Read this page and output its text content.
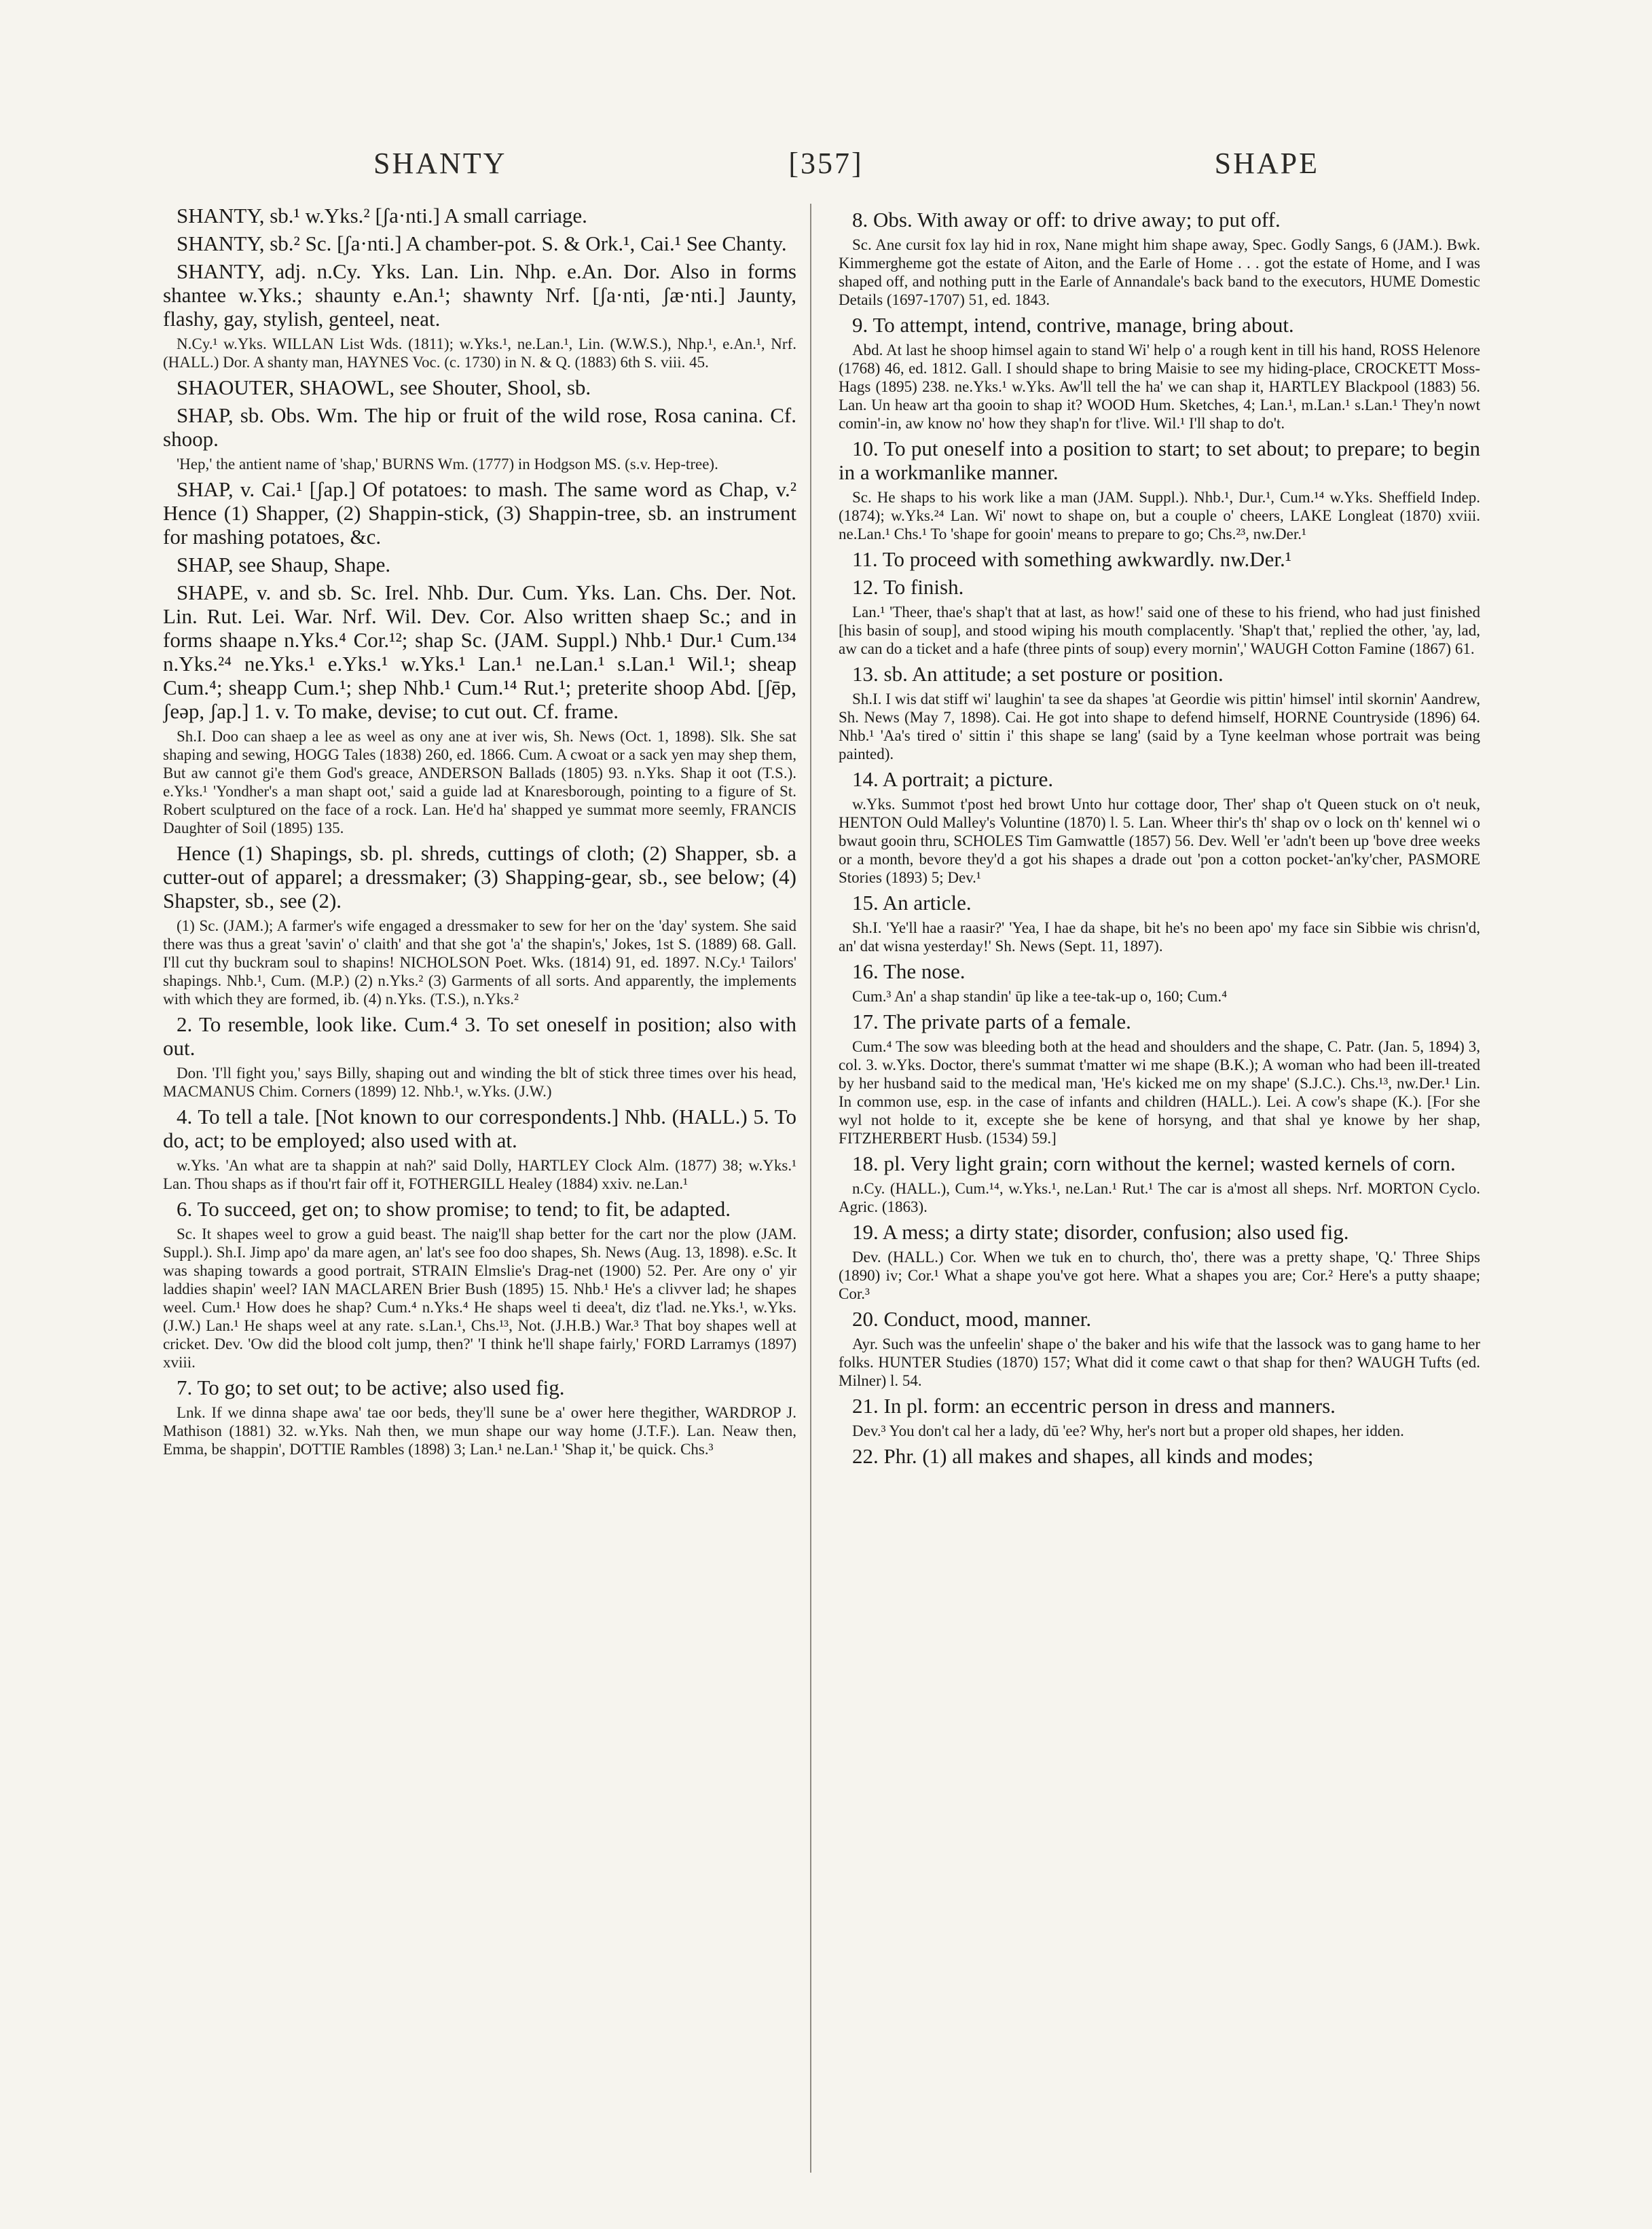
SHANTY	[357]	SHAPE

SHANTY, sb.¹ w.Yks.² [ʃa·nti.] A small carriage.

SHANTY, sb.² Sc. [ʃa·nti.] A chamber-pot. S. & Ork.¹, Cai.¹ See Chanty.

SHANTY, adj. n.Cy. Yks. Lan. Lin. Nhp. e.An. Dor. Also in forms shantee w.Yks.; shaunty e.An.¹; shawnty Nrf. [ʃa·nti, ʃæ·nti.] Jaunty, flashy, gay, stylish, genteel, neat.

N.Cy.¹ w.Yks. WILLAN List Wds. (1811); w.Yks.¹, ne.Lan.¹, Lin. (W.W.S.), Nhp.¹, e.An.¹, Nrf. (HALL.) Dor. A shanty man, HAYNES Voc. (c. 1730) in N. & Q. (1883) 6th S. viii. 45.

SHAOUTER, SHAOWL, see Shouter, Shool, sb.

SHAP, sb. Obs. Wm. The hip or fruit of the wild rose, Rosa canina. Cf. shoop.

'Hep,' the antient name of 'shap,' BURNS Wm. (1777) in Hodgson MS. (s.v. Hep-tree).

SHAP, v. Cai.¹ [ʃap.] Of potatoes: to mash. The same word as Chap, v.² Hence (1) Shapper, (2) Shappin-stick, (3) Shappin-tree, sb. an instrument for mashing potatoes, &c.

SHAP, see Shaup, Shape.

SHAPE, v. and sb. Sc. Irel. Nhb. Dur. Cum. Yks. Lan. Chs. Der. Not. Lin. Rut. Lei. War. Nrf. Wil. Dev. Cor. Also written shaep Sc.; and in forms shaape n.Yks.⁴ Cor.¹²; shap Sc. (JAM. Suppl.) Nhb.¹ Dur.¹ Cum.¹³⁴ n.Yks.²⁴ ne.Yks.¹ e.Yks.¹ w.Yks.¹ Lan.¹ ne.Lan.¹ s.Lan.¹ Wil.¹; sheap Cum.⁴; sheapp Cum.¹; shep Nhb.¹ Cum.¹⁴ Rut.¹; preterite shoop Abd. [ʃēp, ʃeəp, ʃap.] 1. v. To make, devise; to cut out. Cf. frame.

Sh.I. Doo can shaep a lee as weel as ony ane at iver wis, Sh. News (Oct. 1, 1898). Slk. She sat shaping and sewing, HOGG Tales (1838) 260, ed. 1866. Cum. A cwoat or a sack yen may shep them, But aw cannot gi'e them God's greace, ANDERSON Ballads (1805) 93. n.Yks. Shap it oot (T.S.). e.Yks.¹ 'Yondher's a man shapt oot,' said a guide lad at Knaresborough, pointing to a figure of St. Robert sculptured on the face of a rock. Lan. He'd ha' shapped ye summat more seemly, FRANCIS Daughter of Soil (1895) 135.

Hence (1) Shapings, sb. pl. shreds, cuttings of cloth; (2) Shapper, sb. a cutter-out of apparel; a dressmaker; (3) Shapping-gear, sb., see below; (4) Shapster, sb., see (2).

(1) Sc. (JAM.); A farmer's wife engaged a dressmaker to sew for her on the 'day' system. She said there was thus a great 'savin' o' claith' and that she got 'a' the shapin's,' Jokes, 1st S. (1889) 68. Gall. I'll cut thy buckram soul to shapins! NICHOLSON Poet. Wks. (1814) 91, ed. 1897. N.Cy.¹ Tailors' shapings. Nhb.¹, Cum. (M.P.) (2) n.Yks.² (3) Garments of all sorts. And apparently, the implements with which they are formed, ib. (4) n.Yks. (T.S.), n.Yks.²

2. To resemble, look like. Cum.⁴ 3. To set oneself in position; also with out.

Don. 'I'll fight you,' says Billy, shaping out and winding the blt of stick three times over his head, MACMANUS Chim. Corners (1899) 12. Nhb.¹, w.Yks. (J.W.)

4. To tell a tale. [Not known to our correspondents.] Nhb. (HALL.) 5. To do, act; to be employed; also used with at.

w.Yks. 'An what are ta shappin at nah?' said Dolly, HARTLEY Clock Alm. (1877) 38; w.Yks.¹ Lan. Thou shaps as if thou'rt fair off it, FOTHERGILL Healey (1884) xxiv. ne.Lan.¹

6. To succeed, get on; to show promise; to tend; to fit, be adapted.

Sc. It shapes weel to grow a guid beast. The naig'll shap better for the cart nor the plow (JAM. Suppl.). Sh.I. Jimp apo' da mare agen, an' lat's see foo doo shapes, Sh. News (Aug. 13, 1898). e.Sc. It was shaping towards a good portrait, STRAIN Elmslie's Drag-net (1900) 52. Per. Are ony o' yir laddies shapin' weel? IAN MACLAREN Brier Bush (1895) 15. Nhb.¹ He's a clivver lad; he shapes weel. Cum.¹ How does he shap? Cum.⁴ n.Yks.⁴ He shaps weel ti deea't, diz t'lad. ne.Yks.¹, w.Yks. (J.W.) Lan.¹ He shaps weel at any rate. s.Lan.¹, Chs.¹³, Not. (J.H.B.) War.³ That boy shapes well at cricket. Dev. 'Ow did the blood colt jump, then?' 'I think he'll shape fairly,' FORD Larramys (1897) xviii.

7. To go; to set out; to be active; also used fig.

Lnk. If we dinna shape awa' tae oor beds, they'll sune be a' ower here thegither, WARDROP J. Mathison (1881) 32. w.Yks. Nah then, we mun shape our way home (J.T.F.). Lan. Neaw then, Emma, be shappin', DOTTIE Rambles (1898) 3; Lan.¹ ne.Lan.¹ 'Shap it,' be quick. Chs.³

8. Obs. With away or off: to drive away; to put off.

Sc. Ane cursit fox lay hid in rox, Nane might him shape away, Spec. Godly Sangs, 6 (JAM.). Bwk. Kimmergheme got the estate of Aiton, and the Earle of Home . . . got the estate of Home, and I was shaped off, and nothing putt in the Earle of Annandale's back band to the executors, HUME Domestic Details (1697-1707) 51, ed. 1843.

9. To attempt, intend, contrive, manage, bring about.

Abd. At last he shoop himsel again to stand Wi' help o' a rough kent in till his hand, ROSS Helenore (1768) 46, ed. 1812. Gall. I should shape to bring Maisie to see my hiding-place, CROCKETT Moss-Hags (1895) 238. ne.Yks.¹ w.Yks. Aw'll tell the ha' we can shap it, HARTLEY Blackpool (1883) 56. Lan. Un heaw art tha gooin to shap it? WOOD Hum. Sketches, 4; Lan.¹, m.Lan.¹ s.Lan.¹ They'n nowt comin'-in, aw know no' how they shap'n for t'live. Wil.¹ I'll shap to do't.

10. To put oneself into a position to start; to set about; to prepare; to begin in a workmanlike manner.

Sc. He shaps to his work like a man (JAM. Suppl.). Nhb.¹, Dur.¹, Cum.¹⁴ w.Yks. Sheffield Indep. (1874); w.Yks.²⁴ Lan. Wi' nowt to shape on, but a couple o' cheers, LAKE Longleat (1870) xviii. ne.Lan.¹ Chs.¹ To 'shape for gooin' means to prepare to go; Chs.²³, nw.Der.¹

11. To proceed with something awkwardly. nw.Der.¹

12. To finish.

Lan.¹ 'Theer, thae's shap't that at last, as how!' said one of these to his friend, who had just finished [his basin of soup], and stood wiping his mouth complacently. 'Shap't that,' replied the other, 'ay, lad, aw can do a ticket and a hafe (three pints of soup) every mornin',' WAUGH Cotton Famine (1867) 61.

13. sb. An attitude; a set posture or position.

Sh.I. I wis dat stiff wi' laughin' ta see da shapes 'at Geordie wis pittin' himsel' intil skornin' Aandrew, Sh. News (May 7, 1898). Cai. He got into shape to defend himself, HORNE Countryside (1896) 64. Nhb.¹ 'Aa's tired o' sittin i' this shape se lang' (said by a Tyne keelman whose portrait was being painted).

14. A portrait; a picture.

w.Yks. Summot t'post hed browt Unto hur cottage door, Ther' shap o't Queen stuck on o't neuk, HENTON Ould Malley's Voluntine (1870) l. 5. Lan. Wheer thir's th' shap ov o lock on th' kennel wi o bwaut gooin thru, SCHOLES Tim Gamwattle (1857) 56. Dev. Well 'er 'adn't been up 'bove dree weeks or a month, bevore they'd a got his shapes a drade out 'pon a cotton pocket-'an'ky'cher, PASMORE Stories (1893) 5; Dev.¹

15. An article.

Sh.I. 'Ye'll hae a raasir?' 'Yea, I hae da shape, bit he's no been apo' my face sin Sibbie wis chrisn'd, an' dat wisna yesterday!' Sh. News (Sept. 11, 1897).

16. The nose.

Cum.³ An' a shap standin' ūp like a tee-tak-up o, 160; Cum.⁴

17. The private parts of a female.

Cum.⁴ The sow was bleeding both at the head and shoulders and the shape, C. Patr. (Jan. 5, 1894) 3, col. 3. w.Yks. Doctor, there's summat t'matter wi me shape (B.K.); A woman who had been ill-treated by her husband said to the medical man, 'He's kicked me on my shape' (S.J.C.). Chs.¹³, nw.Der.¹ Lin. In common use, esp. in the case of infants and children (HALL.). Lei. A cow's shape (K.). [For she wyl not holde to it, excepte she be kene of horsyng, and that shal ye knowe by her shap, FITZHERBERT Husb. (1534) 59.]

18. pl. Very light grain; corn without the kernel; wasted kernels of corn.

n.Cy. (HALL.), Cum.¹⁴, w.Yks.¹, ne.Lan.¹ Rut.¹ The car is a'most all sheps. Nrf. MORTON Cyclo. Agric. (1863).

19. A mess; a dirty state; disorder, confusion; also used fig.

Dev. (HALL.) Cor. When we tuk en to church, tho', there was a pretty shape, 'Q.' Three Ships (1890) iv; Cor.¹ What a shape you've got here. What a shapes you are; Cor.² Here's a putty shaape; Cor.³

20. Conduct, mood, manner.

Ayr. Such was the unfeelin' shape o' the baker and his wife that the lassock was to gang hame to her folks. HUNTER Studies (1870) 157; What did it come cawt o that shap for then? WAUGH Tufts (ed. Milner) l. 54.

21. In pl. form: an eccentric person in dress and manners.

Dev.³ You don't cal her a lady, dū 'ee? Why, her's nort but a proper old shapes, her idden.

22. Phr. (1) all makes and shapes, all kinds and modes;
